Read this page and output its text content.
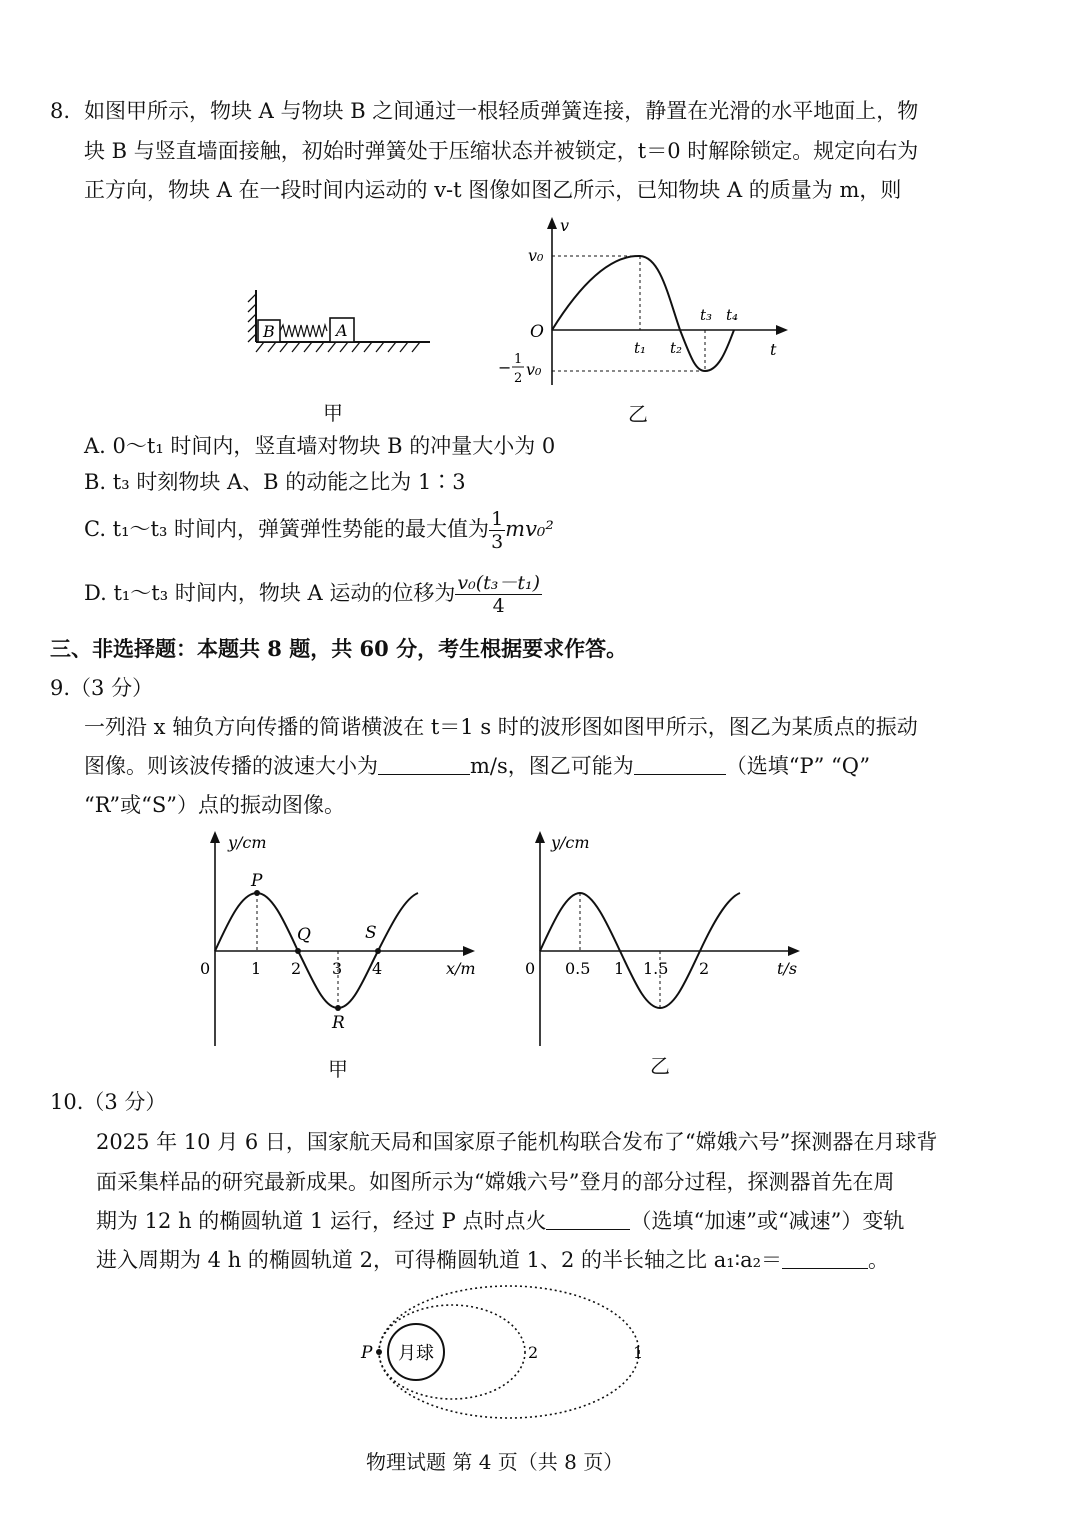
8. 如图甲所示，物块 A 与物块 B 之间通过一根轻质弹簧连接，静置在光滑的水平地面上，物
块 B 与竖直墙面接触，初始时弹簧处于压缩状态并被锁定，t＝0 时解除锁定。规定向右为
正方向，物块 A 在一段时间内运动的 v-t 图像如图乙所示，已知物块 A 的质量为 m，则
B	A
甲
v
t
O
v₀
− 1
2 v₀
t₁ t₂
t₃ t₄
乙
A. 0～t₁ 时间内，竖直墙对物块 B 的冲量大小为 0
B. t₃ 时刻物块 A、B 的动能之比为 1∶3
C. t₁～t₃ 时间内，弹簧弹性势能的最大值为 $\frac{1}{3} mv_0^2$
D. t₁～t₃ 时间内，物块 A 运动的位移为 $\frac{\text{v₀(t₃－t₁)}}{4}$
三、非选择题：本题共 8 题，共 60 分，考生根据要求作答。
9.（3 分）
一列沿 x 轴负方向传播的简谐横波在 t＝1 s 时的波形图如图甲所示，图乙为某质点的振动
图像。则该波传播的波速大小为	m/s，图乙可能为	（选填“P” “Q”
“R”或“S”）点的振动图像。
y/cm
x/m
0
P
Q
R
S
1 2 3 4
甲
y/cm
t/s
0 0.5 1 1.5 2
乙
10.（3 分）
2025 年 10 月 6 日，国家航天局和国家原子能机构联合发布了“嫦娥六号”探测器在月球背
面采集样品的研究最新成果。如图所示为“嫦娥六号”登月的部分过程，探测器首先在周
期为 12 h 的椭圆轨道 1 运行，经过 P 点时点火	（选填“加速”或“减速”）变轨
进入周期为 4 h 的椭圆轨道 2，可得椭圆轨道 1、2 的半长轴之比 a₁∶a₂＝	。
月球
P	2	1
物理试题 第 4 页（共 8 页）
